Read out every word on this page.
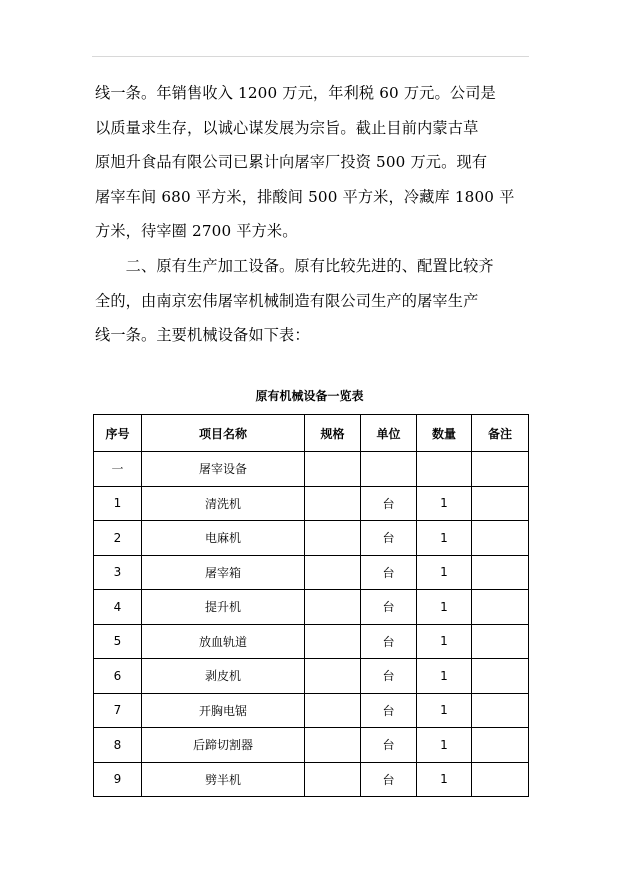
线一条。年销售收入 1200 万元，年利税 60 万元。公司是

以质量求生存，以诚心谋发展为宗旨。截止目前内蒙古草

原旭升食品有限公司已累计向屠宰厂投资 500 万元。现有

屠宰车间 680 平方米，排酸间 500 平方米，冷藏库 1800 平

方米，待宰圈 2700 平方米。

　　二、原有生产加工设备。原有比较先进的、配置比较齐

全的，由南京宏伟屠宰机械制造有限公司生产的屠宰生产

线一条。主要机械设备如下表：

原有机械设备一览表
序号	项目名称	规格	单位	数量	备注
一	屠宰设备				
1	清洗机		台	1	
2	电麻机		台	1	
3	屠宰箱		台	1	
4	提升机		台	1	
5	放血轨道		台	1	
6	剥皮机		台	1	
7	开胸电锯		台	1	
8	后蹄切割器		台	1	
9	劈半机		台	1	
